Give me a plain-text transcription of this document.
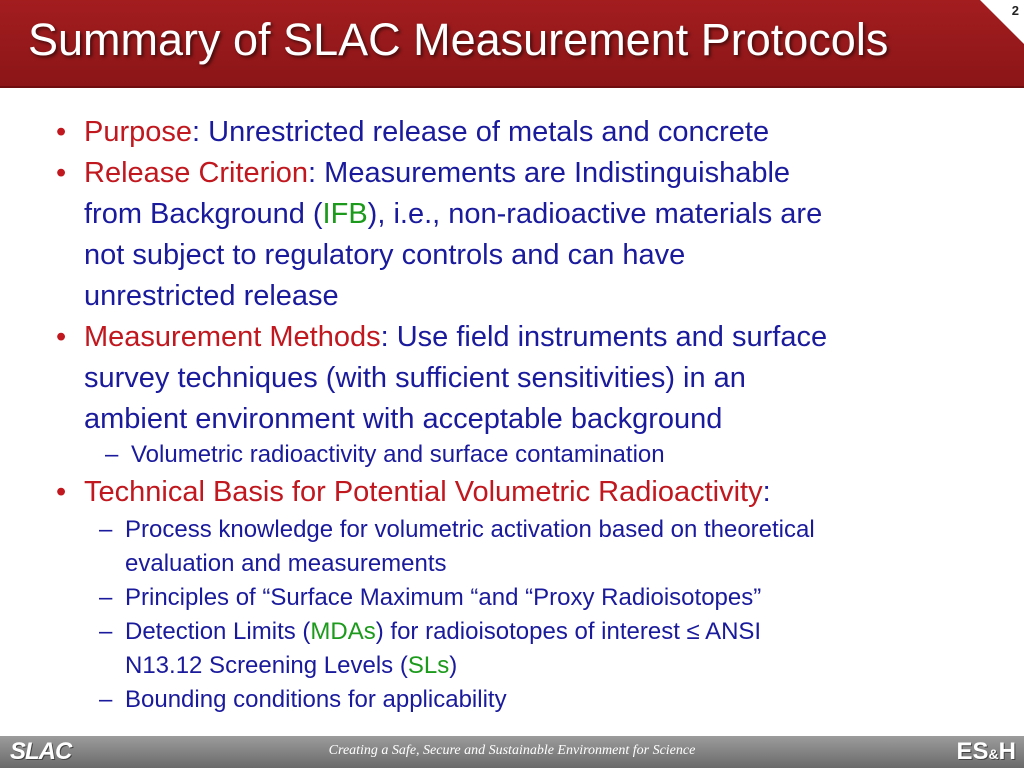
Summary of SLAC Measurement Protocols
2
• Purpose: Unrestricted release of metals and concrete
• Release Criterion: Measurements are Indistinguishable
from Background (IFB), i.e., non-radioactive materials are
not subject to regulatory controls and can have
unrestricted release
• Measurement Methods: Use field instruments and surface
survey techniques (with sufficient sensitivities) in an
ambient environment with acceptable background
– Volumetric radioactivity and surface contamination
• Technical Basis for Potential Volumetric Radioactivity:
– Process knowledge for volumetric activation based on theoretical
evaluation and measurements
– Principles of “Surface Maximum “and “Proxy Radioisotopes”
– Detection Limits (MDAs) for radioisotopes of interest ≤ ANSI
N13.12 Screening Levels (SLs)
– Bounding conditions for applicability
SLAC	Creating a Safe, Secure and Sustainable Environment for Science	ES&H
